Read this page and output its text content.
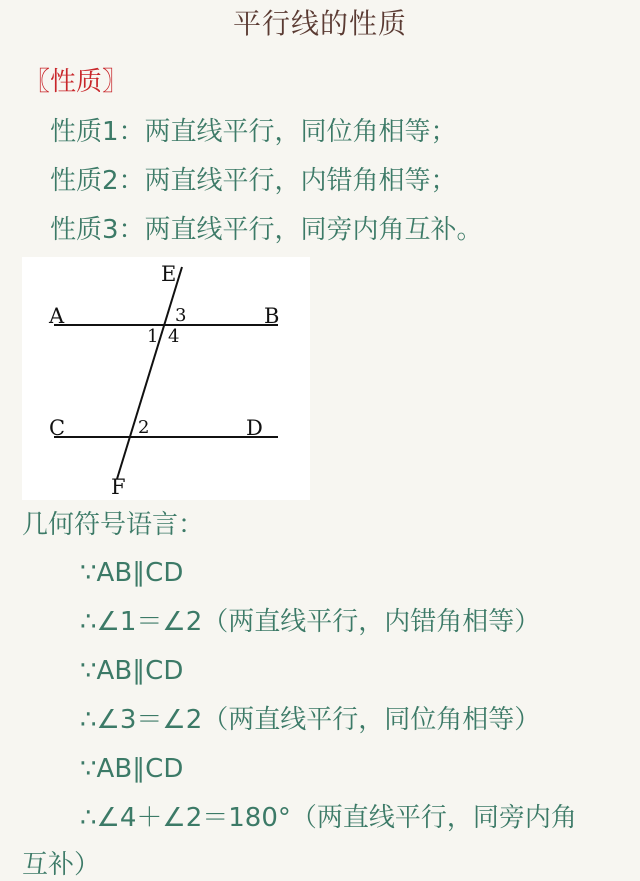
平行线的性质
〖性质〗
性质1：两直线平行，同位角相等；
性质2：两直线平行，内错角相等；
性质3：两直线平行，同旁内角互补。
A	B
C	D
E
F
1
2
3
4
几何符号语言：
∵AB∥CD
∴∠1＝∠2（两直线平行，内错角相等）
∵AB∥CD
∴∠3＝∠2（两直线平行，同位角相等）
∵AB∥CD
∴∠4＋∠2＝180°（两直线平行，同旁内角
互补）
